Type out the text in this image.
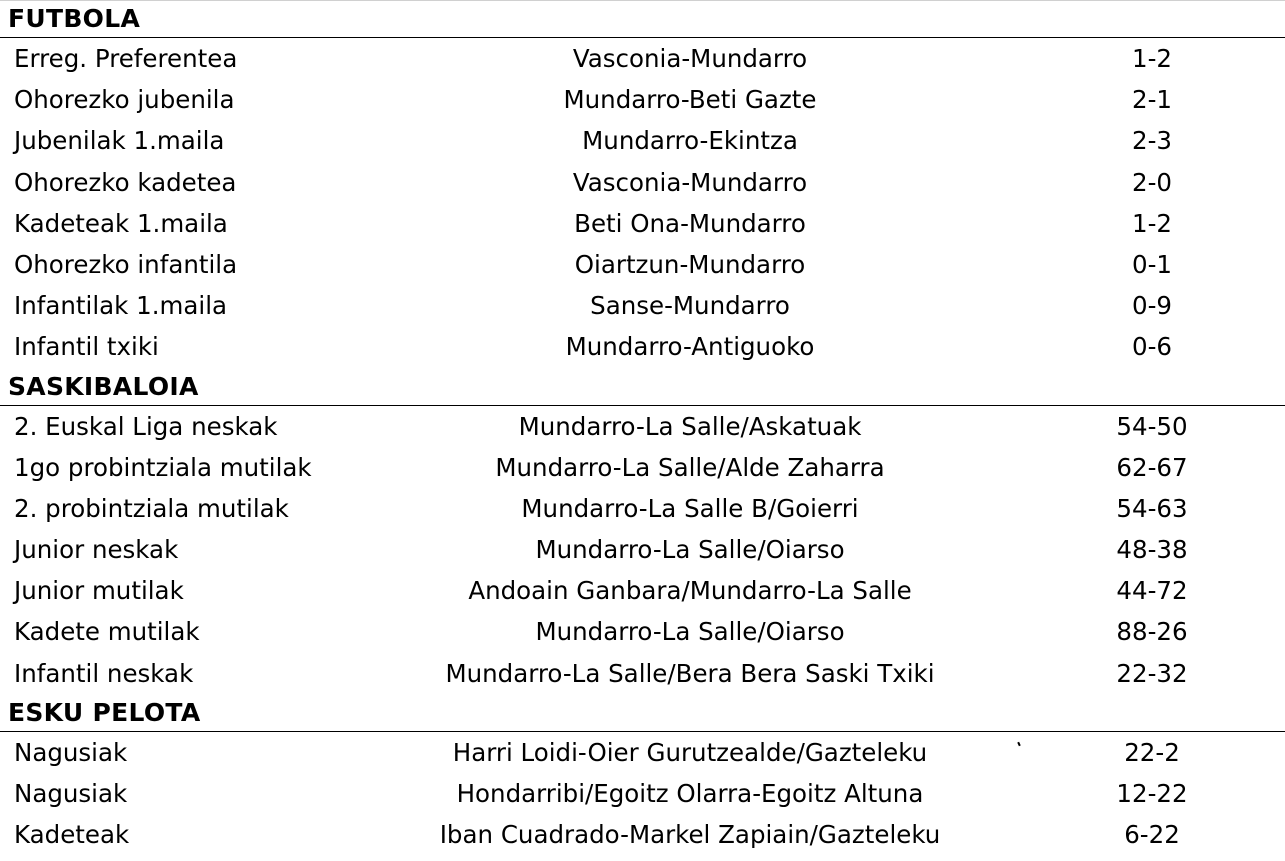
FUTBOLA
Erreg. Preferentea	Vasconia-Mundarro	1-2
Ohorezko jubenila	Mundarro-Beti Gazte	2-1
Jubenilak 1.maila	Mundarro-Ekintza	2-3
Ohorezko kadetea	Vasconia-Mundarro	2-0
Kadeteak 1.maila	Beti Ona-Mundarro	1-2
Ohorezko infantila	Oiartzun-Mundarro	0-1
Infantilak 1.maila	Sanse-Mundarro	0-9
Infantil txiki	Mundarro-Antiguoko	0-6
SASKIBALOIA
2. Euskal Liga neskak	Mundarro-La Salle/Askatuak	54-50
1go probintziala mutilak	Mundarro-La Salle/Alde Zaharra	62-67
2. probintziala mutilak	Mundarro-La Salle B/Goierri	54-63
Junior neskak	Mundarro-La Salle/Oiarso	48-38
Junior mutilak	Andoain Ganbara/Mundarro-La Salle	44-72
Kadete mutilak	Mundarro-La Salle/Oiarso	88-26
Infantil neskak	Mundarro-La Salle/Bera Bera Saski Txiki	22-32
ESKU PELOTA
Nagusiak	Harri Loidi-Oier Gurutzealde/Gazteleku	22-2
Nagusiak	Hondarribi/Egoitz Olarra-Egoitz Altuna	12-22
Kadeteak	Iban Cuadrado-Markel Zapiain/Gazteleku	6-22
